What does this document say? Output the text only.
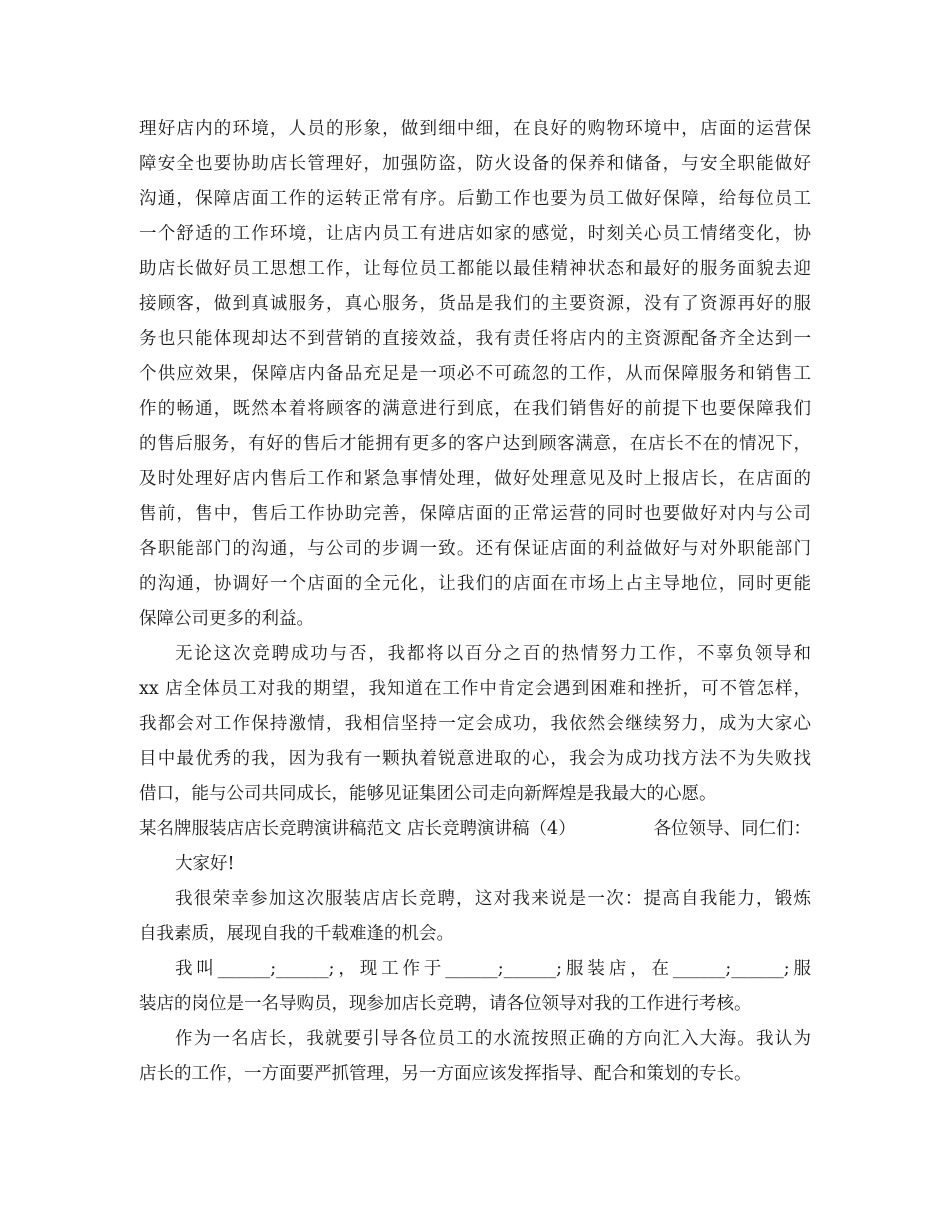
理好店内的环境，人员的形象，做到细中细，在良好的购物环境中，店面的运营保
障安全也要协助店长管理好，加强防盗，防火设备的保养和储备，与安全职能做好
沟通，保障店面工作的运转正常有序。后勤工作也要为员工做好保障，给每位员工
一个舒适的工作环境，让店内员工有进店如家的感觉，时刻关心员工情绪变化，协
助店长做好员工思想工作，让每位员工都能以最佳精神状态和最好的服务面貌去迎
接顾客，做到真诚服务，真心服务，货品是我们的主要资源，没有了资源再好的服
务也只能体现却达不到营销的直接效益，我有责任将店内的主资源配备齐全达到一
个供应效果，保障店内备品充足是一项必不可疏忽的工作，从而保障服务和销售工
作的畅通，既然本着将顾客的满意进行到底，在我们销售好的前提下也要保障我们
的售后服务，有好的售后才能拥有更多的客户达到顾客满意，在店长不在的情况下，
及时处理好店内售后工作和紧急事情处理，做好处理意见及时上报店长，在店面的
售前，售中，售后工作协助完善，保障店面的正常运营的同时也要做好对内与公司
各职能部门的沟通，与公司的步调一致。还有保证店面的利益做好与对外职能部门
的沟通，协调好一个店面的全元化，让我们的店面在市场上占主导地位，同时更能
保障公司更多的利益。
无论这次竞聘成功与否，我都将以百分之百的热情努力工作，不辜负领导和
xx 店全体员工对我的期望，我知道在工作中肯定会遇到困难和挫折，可不管怎样，
我都会对工作保持激情，我相信坚持一定会成功，我依然会继续努力，成为大家心
目中最优秀的我，因为我有一颗执着锐意进取的心，我会为成功找方法不为失败找
借口，能与公司共同成长，能够见证集团公司走向新辉煌是我最大的心愿。
某名牌服装店店长竞聘演讲稿范文 店长竞聘演讲稿（4）	各位领导、同仁们：
大家好!
我很荣幸参加这次服装店店长竞聘，这对我来说是一次：提高自我能力，锻炼
自我素质，展现自我的千载难逢的机会。
我叫______;______;，现工作于______;______;服装店，在______;______;服
装店的岗位是一名导购员，现参加店长竞聘，请各位领导对我的工作进行考核。
作为一名店长，我就要引导各位员工的水流按照正确的方向汇入大海。我认为
店长的工作，一方面要严抓管理，另一方面应该发挥指导、配合和策划的专长。
